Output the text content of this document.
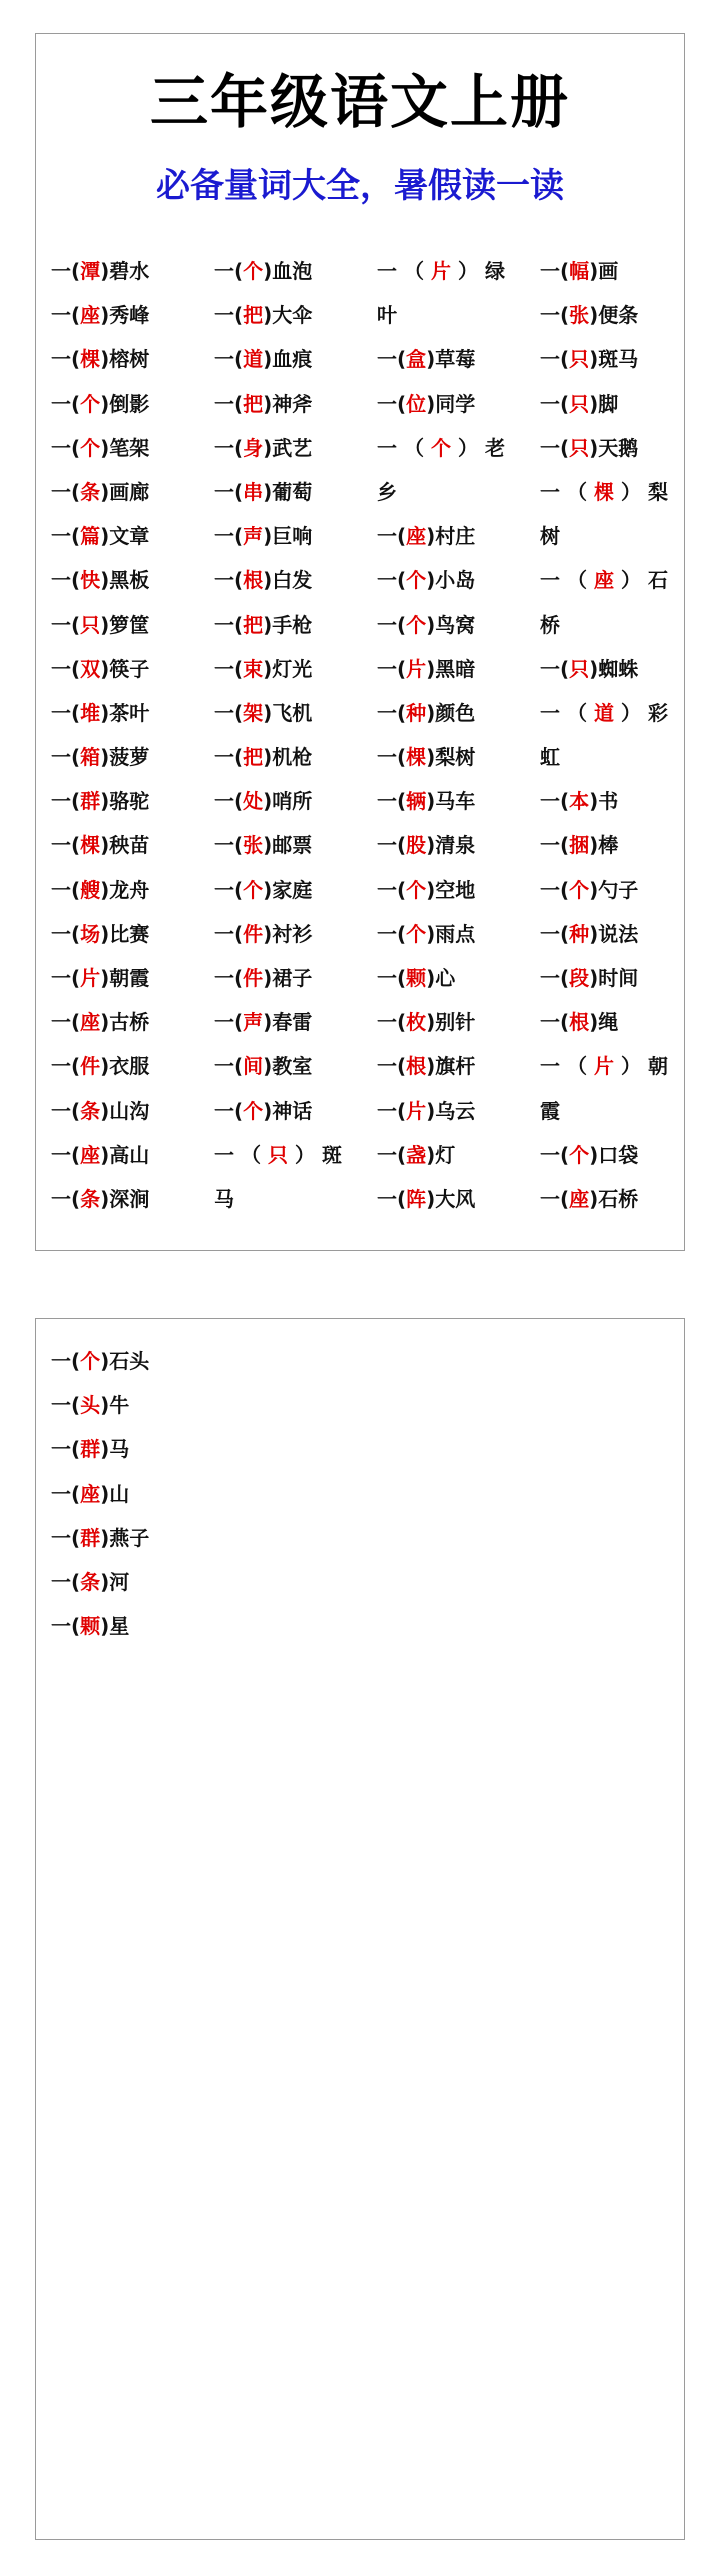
三年级语文上册
必备量词大全，暑假读一读
一(潭)碧水
一(座)秀峰
一(棵)榕树
一(个)倒影
一(个)笔架
一(条)画廊
一(篇)文章
一(快)黑板
一(只)箩筐
一(双)筷子
一(堆)茶叶
一(箱)菠萝
一(群)骆驼
一(棵)秧苗
一(艘)龙舟
一(场)比赛
一(片)朝霞
一(座)古桥
一(件)衣服
一(条)山沟
一(座)高山
一(条)深涧
一(个)血泡
一(把)大伞
一(道)血痕
一(把)神斧
一(身)武艺
一(串)葡萄
一(声)巨响
一(根)白发
一(把)手枪
一(束)灯光
一(架)飞机
一(把)机枪
一(处)哨所
一(张)邮票
一(个)家庭
一(件)衬衫
一(件)裙子
一(声)春雷
一(间)教室
一(个)神话
一 （ 只 ） 斑
马
一 （ 片 ） 绿
叶
一(盒)草莓
一(位)同学
一 （ 个 ） 老
乡
一(座)村庄
一(个)小岛
一(个)鸟窝
一(片)黑暗
一(种)颜色
一(棵)梨树
一(辆)马车
一(股)清泉
一(个)空地
一(个)雨点
一(颗)心
一(枚)别针
一(根)旗杆
一(片)乌云
一(盏)灯
一(阵)大风
一(幅)画
一(张)便条
一(只)斑马
一(只)脚
一(只)天鹅
一 （ 棵 ） 梨
树
一 （ 座 ） 石
桥
一(只)蜘蛛
一 （ 道 ） 彩
虹
一(本)书
一(捆)棒
一(个)勺子
一(种)说法
一(段)时间
一(根)绳
一 （ 片 ） 朝
霞
一(个)口袋
一(座)石桥
一(个)石头
一(头)牛
一(群)马
一(座)山
一(群)燕子
一(条)河
一(颗)星
